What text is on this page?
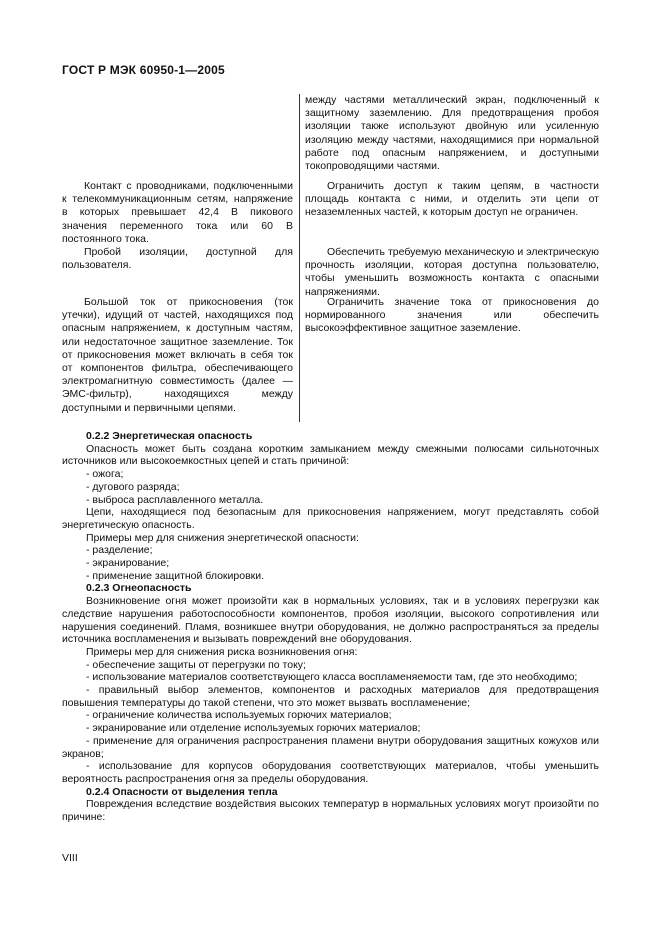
ГОСТ Р МЭК 60950-1—2005

между частями металлический экран, подключенный к защитному заземлению. Для предотвращения пробоя изоляции также используют двойную или усиленную изоляцию между частями, находящимися при нормальной работе под опасным напряжением, и доступными токопроводящими частями.

Контакт с проводниками, подключенными к телекоммуникационным сетям, напряжение в которых превышает 42,4 В пикового значения переменного тока или 60 В постоянного тока.

Ограничить доступ к таким цепям, в частности площадь контакта с ними, и отделить эти цепи от незаземленных частей, к которым доступ не ограничен.

Пробой изоляции, доступной для пользователя.

Обеспечить требуемую механическую и электрическую прочность изоляции, которая доступна пользователю, чтобы уменьшить возможность контакта с опасными напряжениями.

Большой ток от прикосновения (ток утечки), идущий от частей, находящихся под опасным напряжением, к доступным частям, или недостаточное защитное заземление. Ток от прикосновения может включать в себя ток от компонентов фильтра, обеспечивающего электромагнитную совместимость (далее — ЭМС-фильтр), находящихся между доступными и первичными цепями.

Ограничить значение тока от прикосновения до нормированного значения или обеспечить высокоэффективное защитное заземление.

0.2.2 Энергетическая опасность

Опасность может быть создана коротким замыканием между смежными полюсами сильноточных источников или высокоемкостных цепей и стать причиной:

- ожога;
- дугового разряда;
- выброса расплавленного металла.

Цепи, находящиеся под безопасным для прикосновения напряжением, могут представлять собой энергетическую опасность.

Примеры мер для снижения энергетической опасности:

- разделение;
- экранирование;
- применение защитной блокировки.
0.2.3 Огнеопасность

Возникновение огня может произойти как в нормальных условиях, так и в условиях перегрузки как следствие нарушения работоспособности компонентов, пробоя изоляции, высокого сопротивления или нарушения соединений. Пламя, возникшее внутри оборудования, не должно распространяться за пределы источника воспламенения и вызывать повреждений вне оборудования.

Примеры мер для снижения риска возникновения огня:

- обеспечение защиты от перегрузки по току;
- использование материалов соответствующего класса воспламеняемости там, где это необходимо;
- правильный выбор элементов, компонентов и расходных материалов для предотвращения повышения температуры до такой степени, что это может вызвать воспламенение;
- ограничение количества используемых горючих материалов;
- экранирование или отделение используемых горючих материалов;
- применение для ограничения распространения пламени внутри оборудования защитных кожухов или экранов;
- использование для корпусов оборудования соответствующих материалов, чтобы уменьшить вероятность распространения огня за пределы оборудования.
0.2.4 Опасности от выделения тепла

Повреждения вследствие воздействия высоких температур в нормальных условиях могут произойти по причине:

VIII
